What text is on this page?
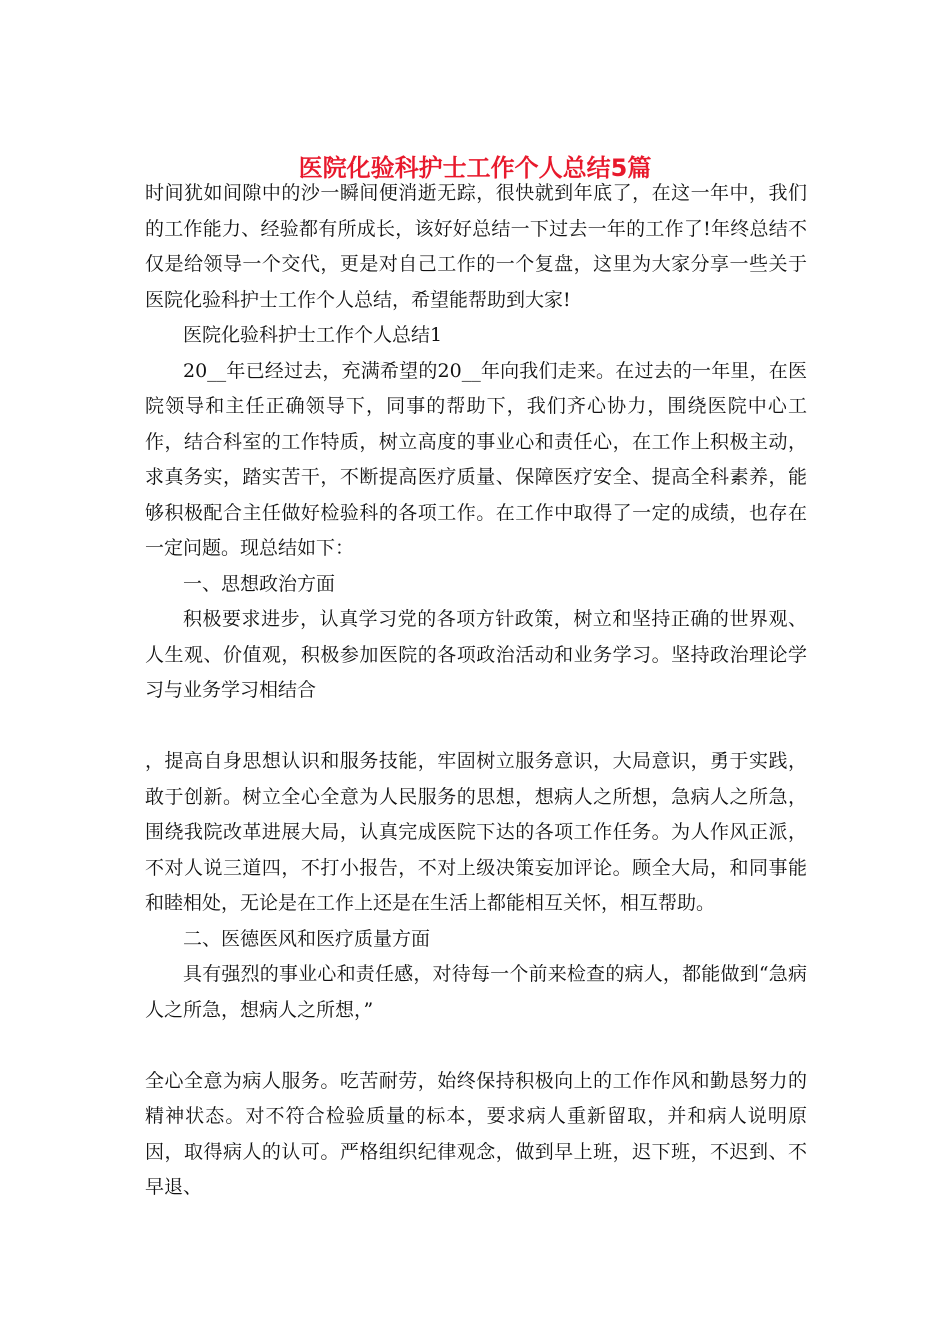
医院化验科护士工作个人总结5篇

时间犹如间隙中的沙一瞬间便消逝无踪，很快就到年底了，在这一年中，我们的工作能力、经验都有所成长，该好好总结一下过去一年的工作了!年终总结不仅是给领导一个交代，更是对自己工作的一个复盘，这里为大家分享一些关于医院化验科护士工作个人总结，希望能帮助到大家!

医院化验科护士工作个人总结1

20__年已经过去，充满希望的20__年向我们走来。在过去的一年里，在医院领导和主任正确领导下，同事的帮助下，我们齐心协力，围绕医院中心工作，结合科室的工作特质，树立高度的事业心和责任心，在工作上积极主动，求真务实，踏实苦干，不断提高医疗质量、保障医疗安全、提高全科素养，能够积极配合主任做好检验科的各项工作。在工作中取得了一定的成绩，也存在一定问题。现总结如下：

一、思想政治方面

积极要求进步，认真学习党的各项方针政策，树立和坚持正确的世界观、人生观、价值观，积极参加医院的各项政治活动和业务学习。坚持政治理论学习与业务学习相结合

，提高自身思想认识和服务技能，牢固树立服务意识，大局意识，勇于实践，敢于创新。树立全心全意为人民服务的思想，想病人之所想，急病人之所急，围绕我院改革进展大局，认真完成医院下达的各项工作任务。为人作风正派，不对人说三道四，不打小报告，不对上级决策妄加评论。顾全大局，和同事能和睦相处，无论是在工作上还是在生活上都能相互关怀，相互帮助。

二、医德医风和医疗质量方面

具有强烈的事业心和责任感，对待每一个前来检查的病人，都能做到“急病人之所急，想病人之所想，”

全心全意为病人服务。吃苦耐劳，始终保持积极向上的工作作风和勤恳努力的精神状态。对不符合检验质量的标本，要求病人重新留取，并和病人说明原因，取得病人的认可。严格组织纪律观念，做到早上班，迟下班，不迟到、不早退、
